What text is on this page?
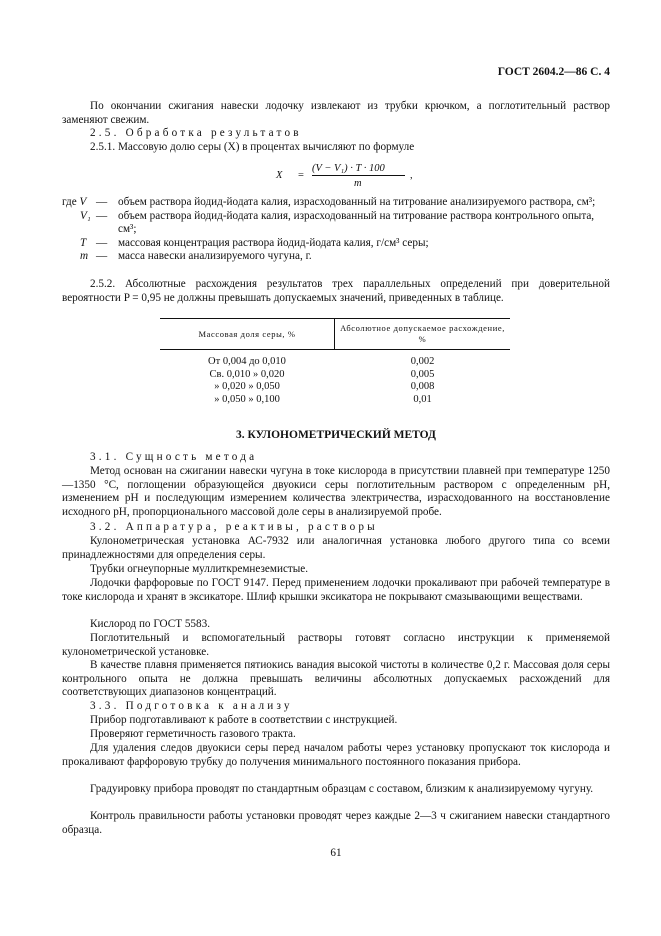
ГОСТ 2604.2—86 С. 4

По окончании сжигания навески лодочку извлекают из трубки крючком, а поглотительный раствор заменяют свежим.

2.5. Обработка результатов

2.5.1. Массовую долю серы (X) в процентах вычисляют по формуле

X =
(V − V₁) · T · 100
m
,
где V — объем раствора йодид-йодата калия, израсходованный на титрование анализируемого раствора, см³;
V₁ — объем раствора йодид-йодата калия, израсходованный на титрование раствора контрольного опыта, см³;
T — массовая концентрация раствора йодид-йодата калия, г/см³ серы;
m — масса навески анализируемого чугуна, г.

2.5.2. Абсолютные расхождения результатов трех параллельных определений при доверительной вероятности P = 0,95 не должны превышать допускаемых значений, приведенных в таблице.

Массовая доля серы, %	Абсолютное допускаемое расхождение, %
От 0,004 до 0,010	0,002
Св. 0,010 » 0,020	0,005
» 0,020 » 0,050	0,008
» 0,050 » 0,100	0,01
3. КУЛОНОМЕТРИЧЕСКИЙ МЕТОД

3.1. Сущность метода

Метод основан на сжигании навески чугуна в токе кислорода в присутствии плавней при температуре 1250—1350 °С, поглощении образующейся двуокиси серы поглотительным раствором с определенным рН, изменением рН и последующим измерением количества электричества, израсходованного на восстановление исходного рН, пропорционального массовой доле серы в анализируемой пробе.

3.2. Аппаратура, реактивы, растворы

Кулонометрическая установка АС-7932 или аналогичная установка любого другого типа со всеми принадлежностями для определения серы.

Трубки огнеупорные муллиткремнеземистые.

Лодочки фарфоровые по ГОСТ 9147. Перед применением лодочки прокаливают при рабочей температуре в токе кислорода и хранят в эксикаторе. Шлиф крышки эксикатора не покрывают смазывающими веществами.

Кислород по ГОСТ 5583.

Поглотительный и вспомогательный растворы готовят согласно инструкции к применяемой кулонометрической установке.

В качестве плавня применяется пятиокись ванадия высокой чистоты в количестве 0,2 г. Массовая доля серы контрольного опыта не должна превышать величины абсолютных допускаемых расхождений для соответствующих диапазонов концентраций.

3.3. Подготовка к анализу

Прибор подготавливают к работе в соответствии с инструкцией.

Проверяют герметичность газового тракта.

Для удаления следов двуокиси серы перед началом работы через установку пропускают ток кислорода и прокаливают фарфоровую трубку до получения минимального постоянного показания прибора.

Градуировку прибора проводят по стандартным образцам с составом, близким к анализируемому чугуну.

Контроль правильности работы установки проводят через каждые 2—3 ч сжиганием навески стандартного образца.

61
